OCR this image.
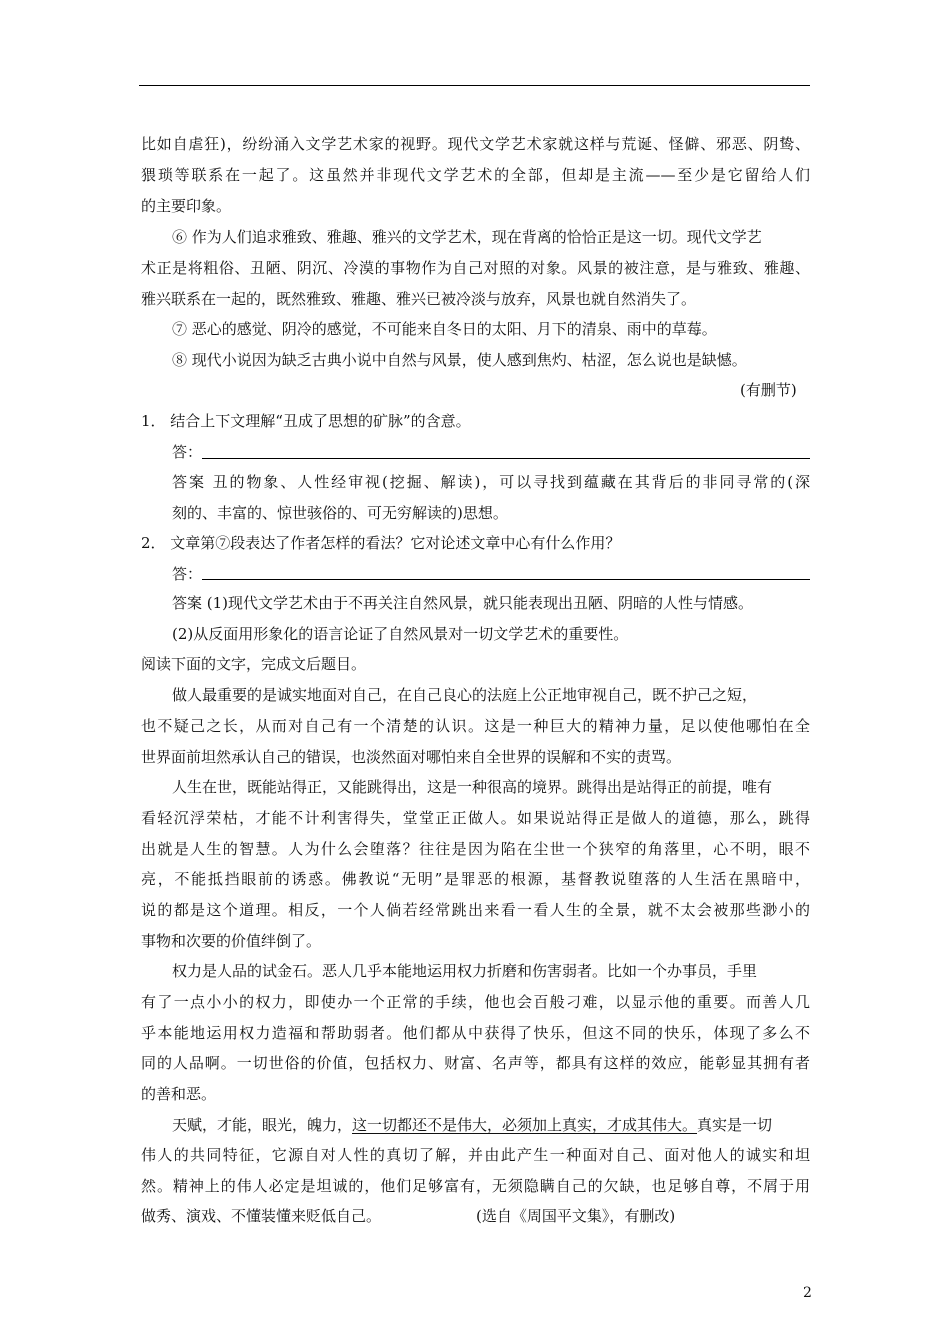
比如自虐狂)，纷纷涌入文学艺术家的视野。现代文学艺术家就这样与荒诞、怪僻、邪恶、阴鸷、
猥琐等联系在一起了。这虽然并非现代文学艺术的全部，但却是主流——至少是它留给人们
的主要印象。
⑥ 作为人们追求雅致、雅趣、雅兴的文学艺术，现在背离的恰恰正是这一切。现代文学艺
术正是将粗俗、丑陋、阴沉、冷漠的事物作为自己对照的对象。风景的被注意，是与雅致、雅趣、
雅兴联系在一起的，既然雅致、雅趣、雅兴已被冷淡与放弃，风景也就自然消失了。
⑦ 恶心的感觉、阴冷的感觉，不可能来自冬日的太阳、月下的清泉、雨中的草莓。
⑧ 现代小说因为缺乏古典小说中自然与风景，使人感到焦灼、枯涩，怎么说也是缺憾。
(有删节)
1． 结合上下文理解“丑成了思想的矿脉”的含意。
答：
答案 丑的物象、人性经审视(挖掘、解读)，可以寻找到蕴藏在其背后的非同寻常的(深
刻的、丰富的、惊世骇俗的、可无穷解读的)思想。
2． 文章第⑦段表达了作者怎样的看法？它对论述文章中心有什么作用？
答：
答案 (1)现代文学艺术由于不再关注自然风景，就只能表现出丑陋、阴暗的人性与情感。
(2)从反面用形象化的语言论证了自然风景对一切文学艺术的重要性。
阅读下面的文字，完成文后题目。
做人最重要的是诚实地面对自己，在自己良心的法庭上公正地审视自己，既不护己之短，
也不疑己之长，从而对自己有一个清楚的认识。这是一种巨大的精神力量，足以使他哪怕在全
世界面前坦然承认自己的错误，也淡然面对哪怕来自全世界的误解和不实的责骂。
人生在世，既能站得正，又能跳得出，这是一种很高的境界。跳得出是站得正的前提，唯有
看轻沉浮荣枯，才能不计利害得失，堂堂正正做人。如果说站得正是做人的道德，那么，跳得
出就是人生的智慧。人为什么会堕落？往往是因为陷在尘世一个狭窄的角落里，心不明，眼不
亮，不能抵挡眼前的诱惑。佛教说“无明”是罪恶的根源，基督教说堕落的人生活在黑暗中，
说的都是这个道理。相反，一个人倘若经常跳出来看一看人生的全景，就不太会被那些渺小的
事物和次要的价值绊倒了。
权力是人品的试金石。恶人几乎本能地运用权力折磨和伤害弱者。比如一个办事员，手里
有了一点小小的权力，即使办一个正常的手续，他也会百般刁难，以显示他的重要。而善人几
乎本能地运用权力造福和帮助弱者。他们都从中获得了快乐，但这不同的快乐，体现了多么不
同的人品啊。一切世俗的价值，包括权力、财富、名声等，都具有这样的效应，能彰显其拥有者
的善和恶。
天赋，才能，眼光，魄力，这一切都还不是伟大，必须加上真实，才成其伟大。真实是一切
伟人的共同特征，它源自对人性的真切了解，并由此产生一种面对自己、面对他人的诚实和坦
然。精神上的伟人必定是坦诚的，他们足够富有，无须隐瞒自己的欠缺，也足够自尊，不屑于用
做秀、演戏、不懂装懂来贬低自己。	(选自《周国平文集》，有删改)
2
